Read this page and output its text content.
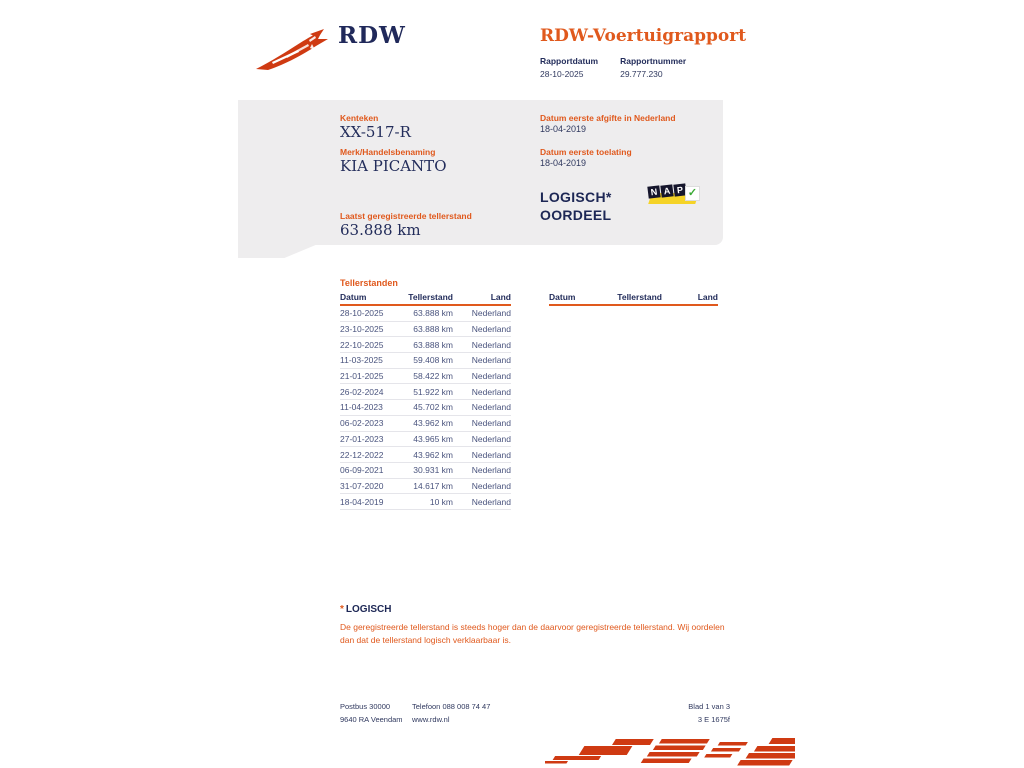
RDW	RDW-Voertuigrapport
Rapportdatum
28-10-2025
Rapportnummer
29.777.230
Kenteken
XX-517-R
Merk/Handelsbenaming
KIA PICANTO
Laatst geregistreerde tellerstand
63.888 km
Datum eerste afgifte in Nederland
18-04-2019
Datum eerste toelating
18-04-2019
LOGISCH*
OORDEEL
N A P ✓
Tellerstanden
Datum	Tellerstand	Land
28-10-2025	63.888 km	Nederland
23-10-2025	63.888 km	Nederland
22-10-2025	63.888 km	Nederland
11-03-2025	59.408 km	Nederland
21-01-2025	58.422 km	Nederland
26-02-2024	51.922 km	Nederland
11-04-2023	45.702 km	Nederland
06-02-2023	43.962 km	Nederland
27-01-2023	43.965 km	Nederland
22-12-2022	43.962 km	Nederland
06-09-2021	30.931 km	Nederland
31-07-2020	14.617 km	Nederland
18-04-2019	10 km	Nederland
Datum	Tellerstand	Land
* LOGISCH
De geregistreerde tellerstand is steeds hoger dan de daarvoor geregistreerde tellerstand. Wij oordelen dan dat de tellerstand logisch verklaarbaar is.
Postbus 30000
9640 RA Veendam
Telefoon 088 008 74 47
www.rdw.nl
Blad 1 van 3
3 E 1675f
